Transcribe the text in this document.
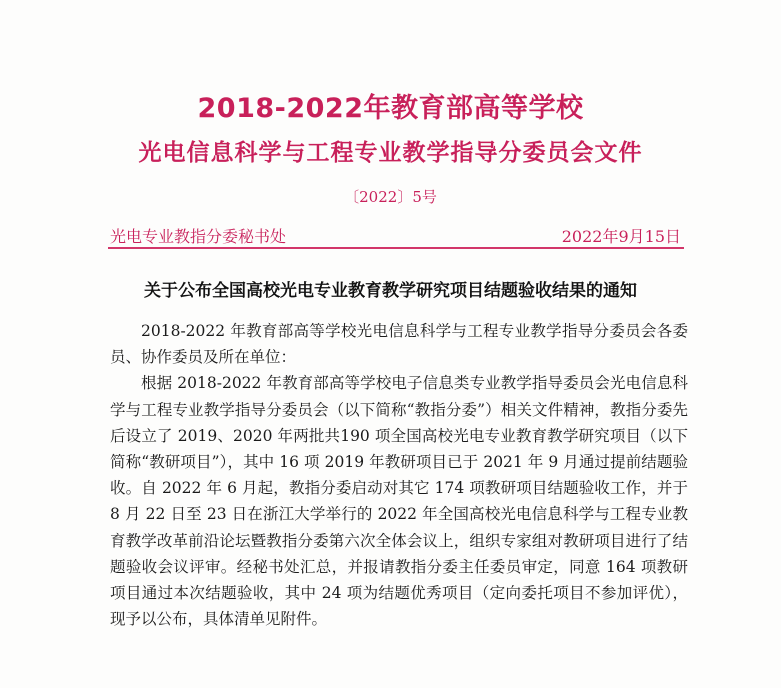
2018-2022年教育部高等学校
光电信息科学与工程专业教学指导分委员会文件
〔2022〕5号
光电专业教指分委秘书处	2022年9月15日
关于公布全国高校光电专业教育教学研究项目结题验收结果的通知

2018-2022 年教育部高等学校光电信息科学与工程专业教学指导分委员会各委员、协作委员及所在单位：

根据 2018-2022 年教育部高等学校电子信息类专业教学指导委员会光电信息科学与工程专业教学指导分委员会（以下简称“教指分委”）相关文件精神，教指分委先后设立了 2019、2020 年两批共190 项全国高校光电专业教育教学研究项目（以下简称“教研项目”），其中 16 项 2019 年教研项目已于 2021 年 9 月通过提前结题验收。自 2022 年 6 月起，教指分委启动对其它 174 项教研项目结题验收工作，并于 8 月 22 日至 23 日在浙江大学举行的 2022 年全国高校光电信息科学与工程专业教育教学改革前沿论坛暨教指分委第六次全体会议上，组织专家组对教研项目进行了结题验收会议评审。经秘书处汇总，并报请教指分委主任委员审定，同意 164 项教研项目通过本次结题验收，其中 24 项为结题优秀项目（定向委托项目不参加评优），现予以公布，具体清单见附件。
